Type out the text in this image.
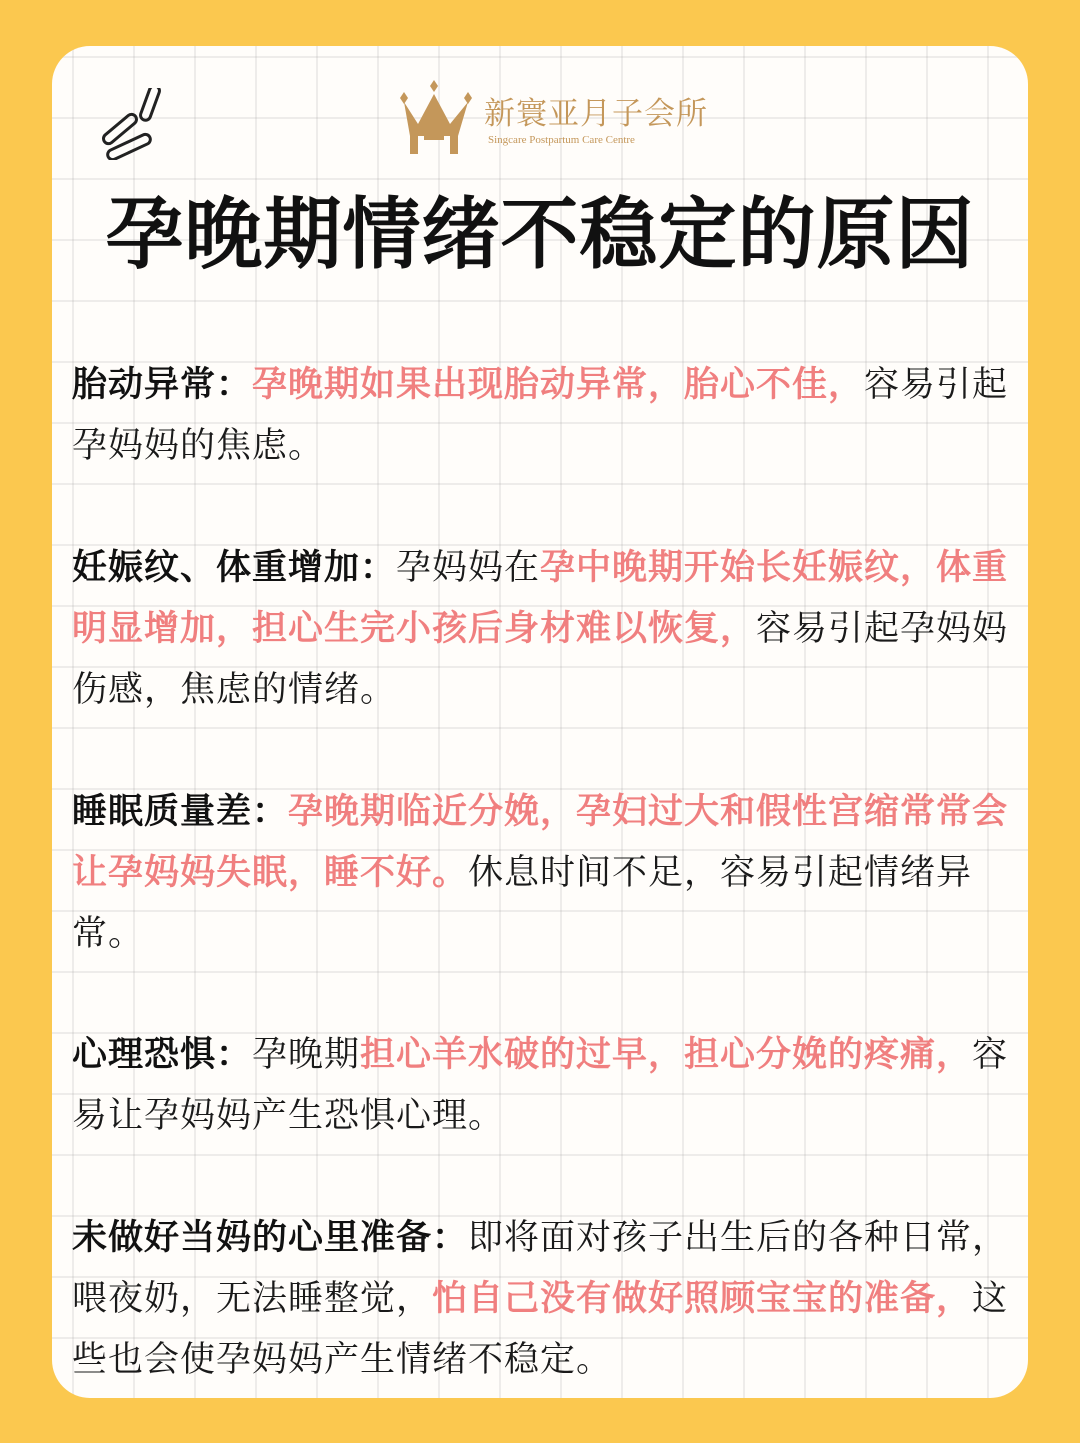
新寰亚月子会所
Singcare Postpartum Care Centre
孕晚期情绪不稳定的原因
胎动异常：孕晚期如果出现胎动异常，胎心不佳，容易引起孕妈妈的焦虑。
妊娠纹、体重增加：孕妈妈在孕中晚期开始长妊娠纹，体重明显增加，担心生完小孩后身材难以恢复，容易引起孕妈妈伤感，焦虑的情绪。
睡眠质量差：孕晚期临近分娩，孕妇过大和假性宫缩常常会让孕妈妈失眠，睡不好。休息时间不足，容易引起情绪异常。
心理恐惧：孕晚期担心羊水破的过早，担心分娩的疼痛，容易让孕妈妈产生恐惧心理。
未做好当妈的心里准备：即将面对孩子出生后的各种日常，喂夜奶，无法睡整觉，怕自己没有做好照顾宝宝的准备，这些也会使孕妈妈产生情绪不稳定。
